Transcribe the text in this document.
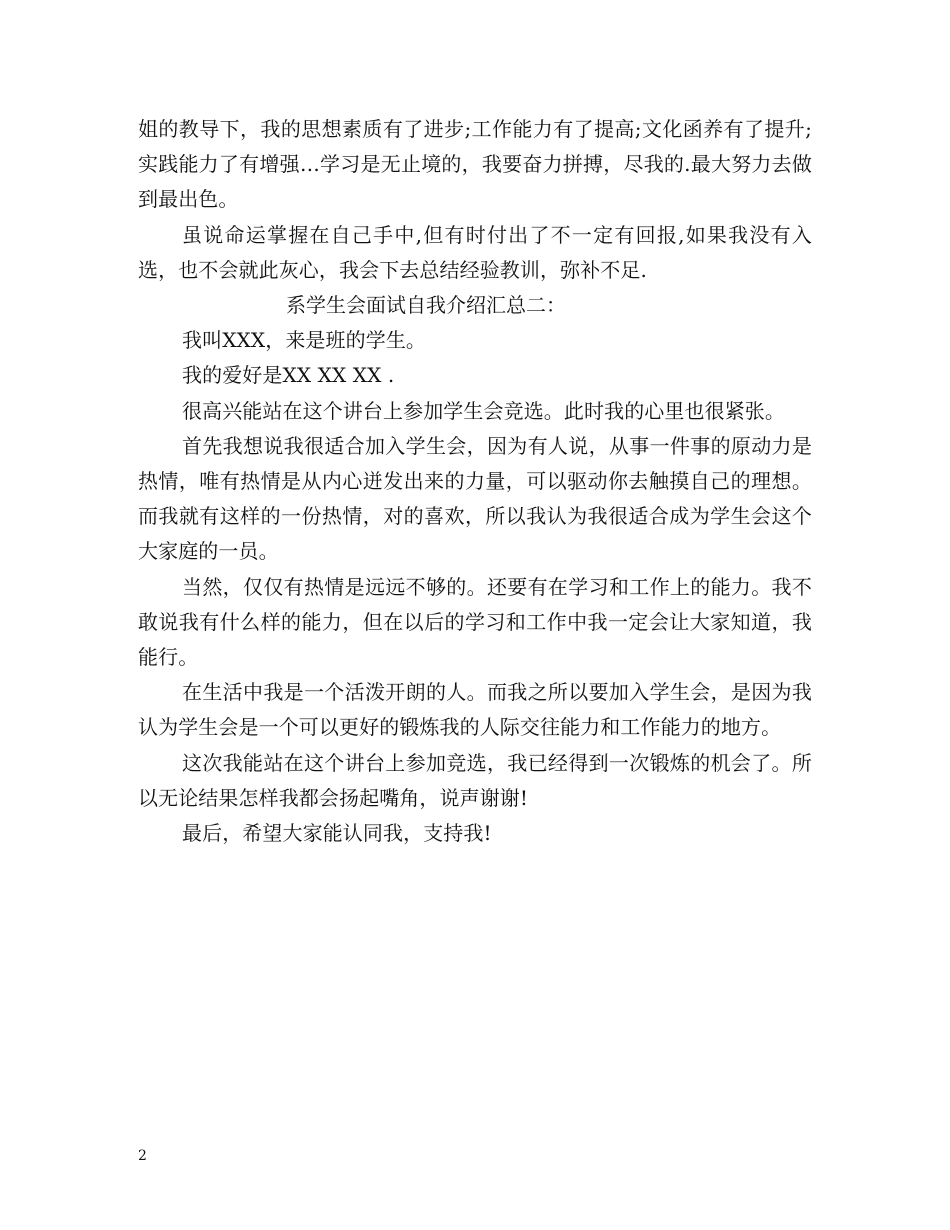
姐的教导下，我的思想素质有了进步;工作能力有了提高;文化函养有了提升;实践能力了有增强…学习是无止境的，我要奋力拼搏，尽我的.最大努力去做到最出色。

虽说命运掌握在自己手中,但有时付出了不一定有回报,如果我没有入选，也不会就此灰心，我会下去总结经验教训，弥补不足.

系学生会面试自我介绍汇总二：

我叫XXX，来是班的学生。

我的爱好是XX XX XX .

很高兴能站在这个讲台上参加学生会竞选。此时我的心里也很紧张。

首先我想说我很适合加入学生会，因为有人说，从事一件事的原动力是热情，唯有热情是从内心迸发出来的力量，可以驱动你去触摸自己的理想。而我就有这样的一份热情，对的喜欢，所以我认为我很适合成为学生会这个大家庭的一员。

当然，仅仅有热情是远远不够的。还要有在学习和工作上的能力。我不敢说我有什么样的能力，但在以后的学习和工作中我一定会让大家知道，我能行。

在生活中我是一个活泼开朗的人。而我之所以要加入学生会，是因为我认为学生会是一个可以更好的锻炼我的人际交往能力和工作能力的地方。

这次我能站在这个讲台上参加竞选，我已经得到一次锻炼的机会了。所以无论结果怎样我都会扬起嘴角，说声谢谢!

最后，希望大家能认同我，支持我!

2
